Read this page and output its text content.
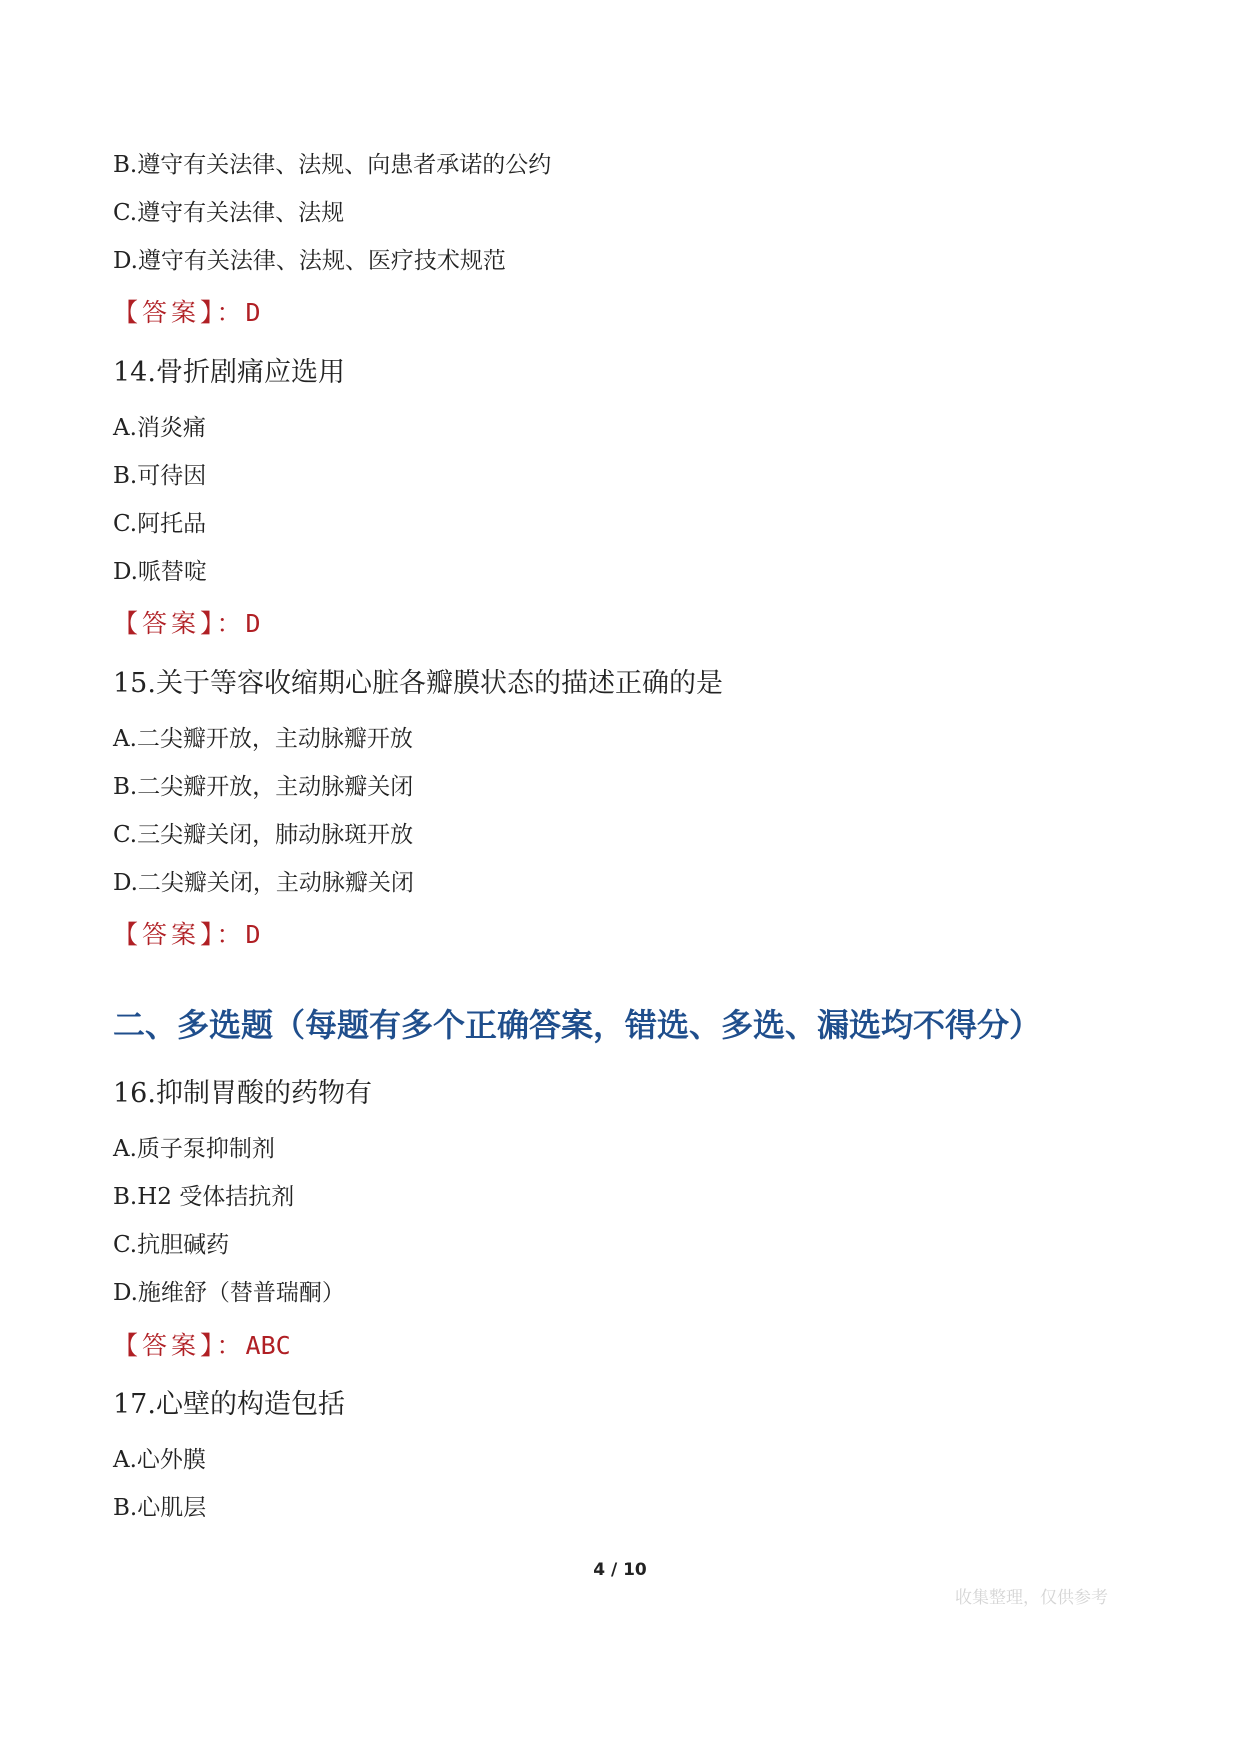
B.遵守有关法律、法规、向患者承诺的公约
C.遵守有关法律、法规
D.遵守有关法律、法规、医疗技术规范
【答案】：D
14.骨折剧痛应选用
A.消炎痛
B.可待因
C.阿托品
D.哌替啶
【答案】：D
15.关于等容收缩期心脏各瓣膜状态的描述正确的是
A.二尖瓣开放，主动脉瓣开放
B.二尖瓣开放，主动脉瓣关闭
C.三尖瓣关闭，肺动脉斑开放
D.二尖瓣关闭，主动脉瓣关闭
【答案】：D
二、多选题（每题有多个正确答案，错选、多选、漏选均不得分）
16.抑制胃酸的药物有
A.质子泵抑制剂
B.H2 受体拮抗剂
C.抗胆碱药
D.施维舒（替普瑞酮）
【答案】：ABC
17.心壁的构造包括
A.心外膜
B.心肌层
4 / 10
收集整理，仅供参考
